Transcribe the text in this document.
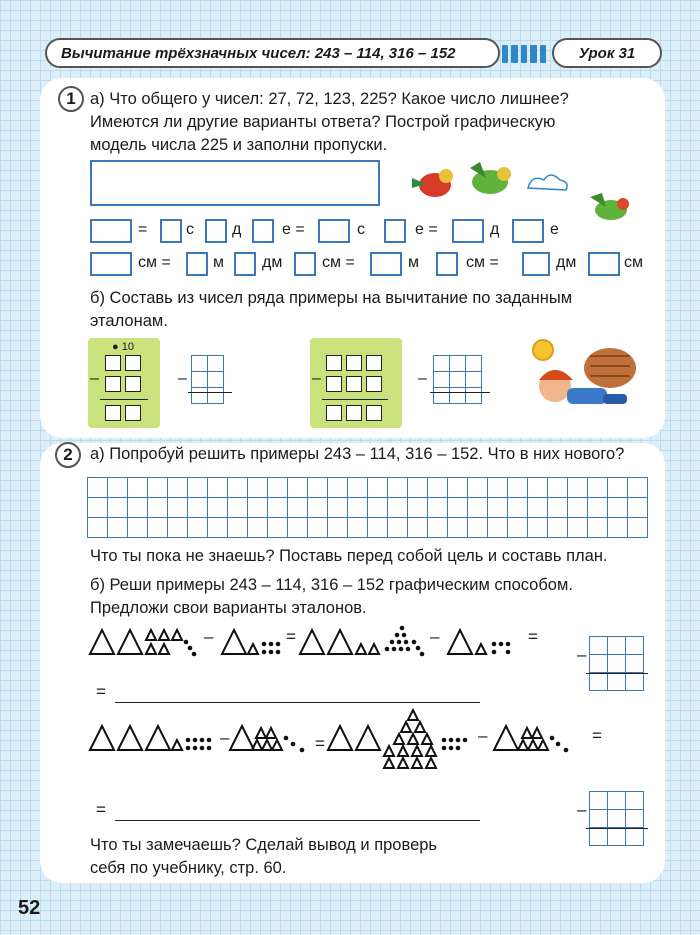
Вычитание трёхзначных чисел: 243 – 114, 316 – 152	Урок 31
1 а) Что общего у чисел: 27, 72, 123, 225? Какое число лишнее?
Имеются ли другие варианты ответа? Построй графическую
модель числа 225 и заполни пропуски.
= с д	е =	с	е =	д	е
см =	м дм см =	м	см =	дм	см
б) Составь из чисел ряда примеры на вычитание по заданным
эталонам.
● 10
–	–	–	–
2 а) Попробуй решить примеры 243 – 114, 316 – 152. Что в них нового?
Что ты пока не знаешь? Поставь перед собой цель и составь план.
б) Реши примеры 243 – 114, 316 – 152 графическим способом.
Предложи свои варианты эталонов.
–	=	–	=
–
=
=	–	=
–
–
=
Что ты замечаешь? Сделай вывод и проверь
себя по учебнику, стр. 60.
52
